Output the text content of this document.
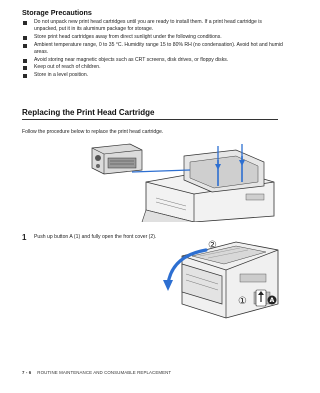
Storage Precautions
Do not unpack new print head cartridges until you are ready to install them. If a print head cartridge is unpacked, put it in its aluminum package for storage.
Store print head cartridges away from direct sunlight under the following conditions.
Ambient temperature range, 0 to 35 °C. Humidity range 15 to 80% RH (no condensation). Avoid hot and humid areas.
Avoid storing near magnetic objects such as CRT screens, disk drives, or floppy disks.
Keep out of reach of children.
Store in a level position.
Replacing the Print Head Cartridge

Follow the procedure below to replace the print head cartridge.

1 Push up button A (1) and fully open the front cover (2).

②
①	A
7 - 6 ROUTINE MAINTENANCE AND CONSUMABLE REPLACEMENT
